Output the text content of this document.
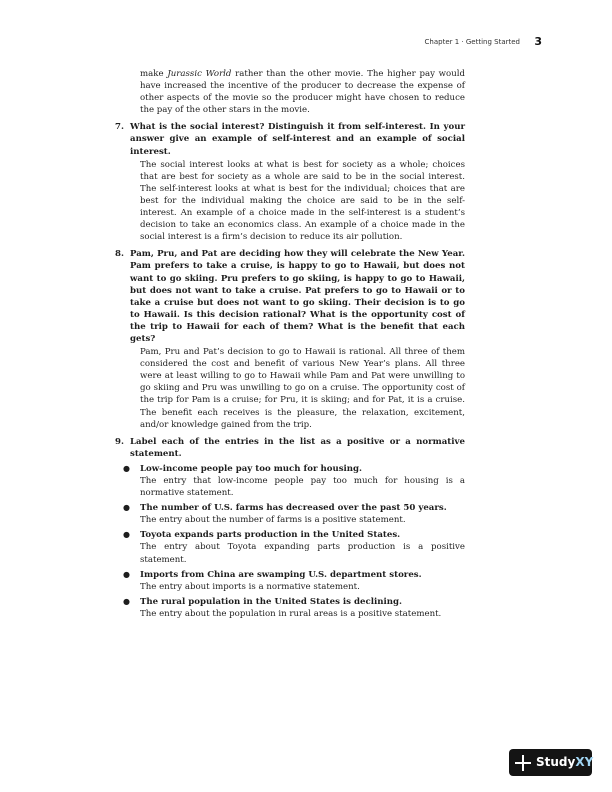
Chapter 1 · Getting Started 3

make Jurassic World rather than the other movie. The higher pay would have increased the incentive of the producer to decrease the expense of other aspects of the movie so the producer might have chosen to reduce the pay of the other stars in the movie.

7. What is the social interest? Distinguish it from self-interest. In your answer give an example of self-interest and an example of social interest.

The social interest looks at what is best for society as a whole; choices that are best for society as a whole are said to be in the social interest. The self-interest looks at what is best for the individual; choices that are best for the individual making the choice are said to be in the self-interest. An example of a choice made in the self-interest is a student’s decision to take an economics class. An example of a choice made in the social interest is a firm’s decision to reduce its air pollution.

8. Pam, Pru, and Pat are deciding how they will celebrate the New Year. Pam prefers to take a cruise, is happy to go to Hawaii, but does not want to go skiing. Pru prefers to go skiing, is happy to go to Hawaii, but does not want to take a cruise. Pat prefers to go to Hawaii or to take a cruise but does not want to go skiing. Their decision is to go to Hawaii. Is this decision rational? What is the opportunity cost of the trip to Hawaii for each of them? What is the benefit that each gets?

Pam, Pru and Pat’s decision to go to Hawaii is rational. All three of them considered the cost and benefit of various New Year’s plans. All three were at least willing to go to Hawaii while Pam and Pat were unwilling to go skiing and Pru was unwilling to go on a cruise. The opportunity cost of the trip for Pam is a cruise; for Pru, it is skiing; and for Pat, it is a cruise. The benefit each receives is the pleasure, the relaxation, excitement, and/or knowledge gained from the trip.

9. Label each of the entries in the list as a positive or a normative statement.

● Low-income people pay too much for housing.

The entry that low-income people pay too much for housing is a normative statement.

● The number of U.S. farms has decreased over the past 50 years.

The entry about the number of farms is a positive statement.

● Toyota expands parts production in the United States.

The entry about Toyota expanding parts production is a positive statement.

● Imports from China are swamping U.S. department stores.

The entry about imports is a normative statement.

● The rural population in the United States is declining.

The entry about the population in rural areas is a positive statement.

StudyXY
